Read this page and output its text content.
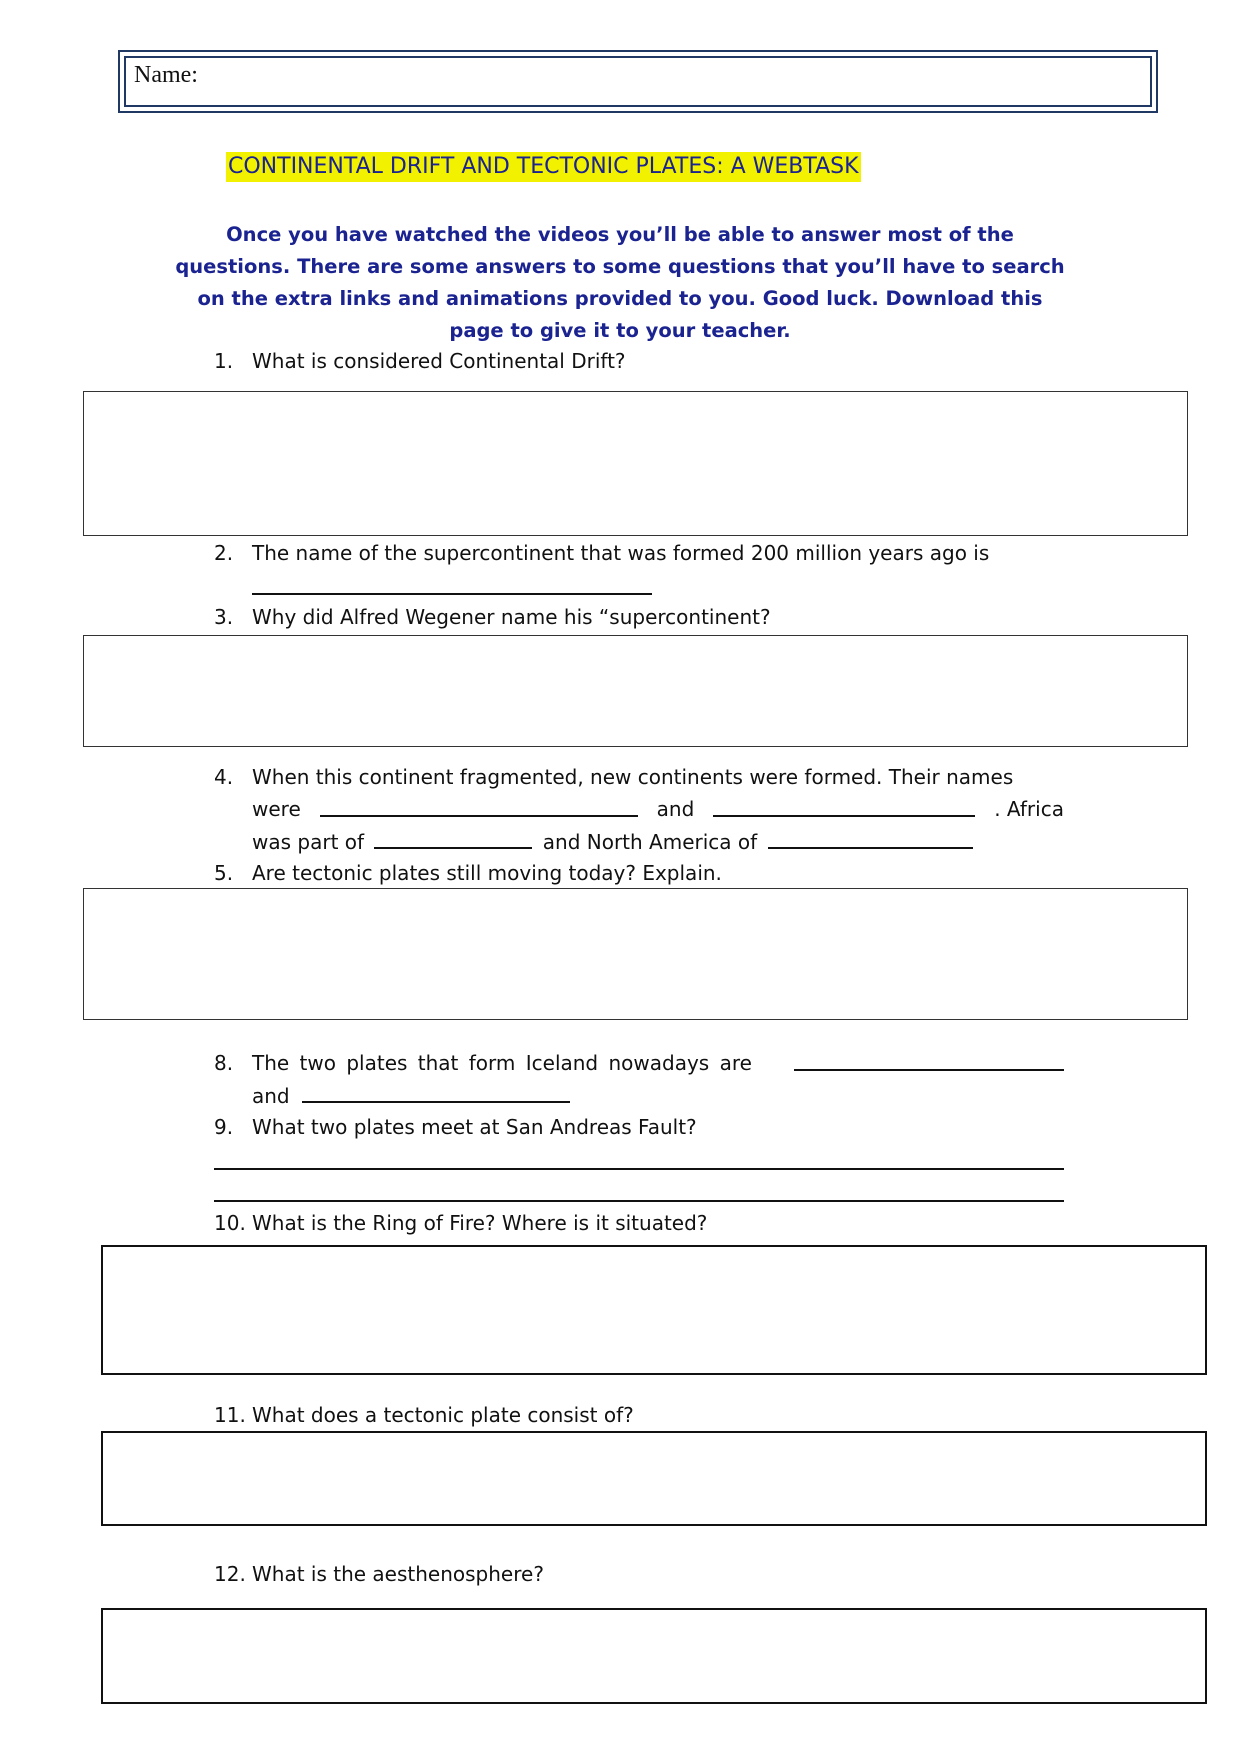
Name:
CONTINENTAL DRIFT AND TECTONIC PLATES: A WEBTASK
Once you have watched the videos you’ll be able to answer most of the questions. There are some answers to some questions that you’ll have to search on the extra links and animations provided to you. Good luck. Download this page to give it to your teacher.
1. What is considered Continental Drift?
2. The name of the supercontinent that was formed 200 million years ago is
3. Why did Alfred Wegener name his “supercontinent?
4. When this continent fragmented, new continents were formed. Their names
were	and	. Africa
was part of	and North America of
5. Are tectonic plates still moving today? Explain.
8. The two plates that form Iceland nowadays are
and
9. What two plates meet at San Andreas Fault?
10. What is the Ring of Fire? Where is it situated?
11. What does a tectonic plate consist of?
12. What is the aesthenosphere?
